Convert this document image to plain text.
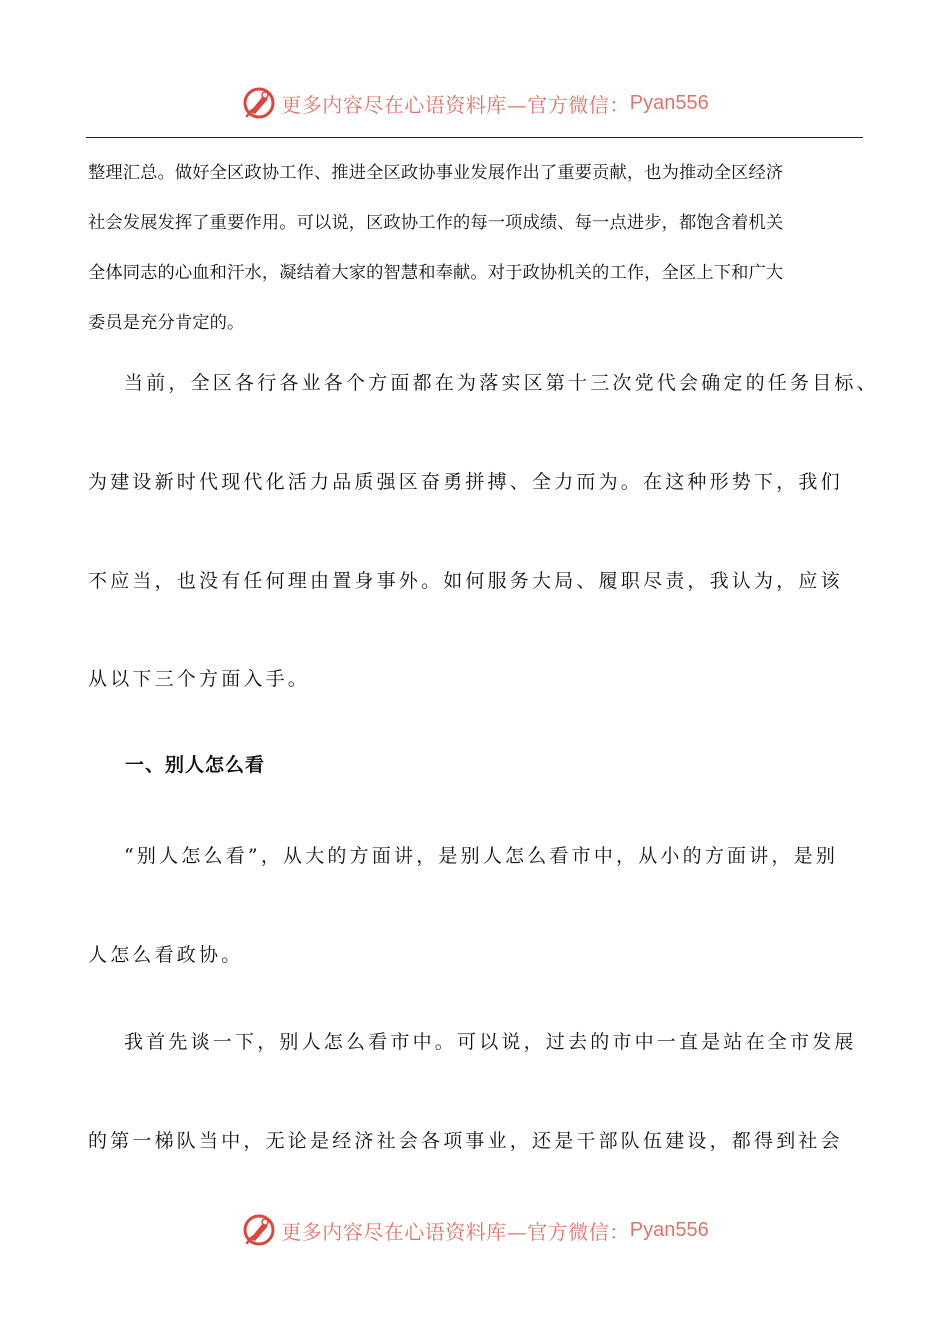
更多内容尽在心语资料库—官方微信： Pyan556
整理汇总。做好全区政协工作、推进全区政协事业发展作出了重要贡献，也为推动全区经济
社会发展发挥了重要作用。可以说，区政协工作的每一项成绩、每一点进步，都饱含着机关
全体同志的心血和汗水，凝结着大家的智慧和奉献。对于政协机关的工作，全区上下和广大
委员是充分肯定的。

当前，全区各行各业各个方面都在为落实区第十三次党代会确定的任务目标、

为建设新时代现代化活力品质强区奋勇拼搏、全力而为。在这种形势下，我们

不应当，也没有任何理由置身事外。如何服务大局、履职尽责，我认为，应该

从以下三个方面入手。

一、别人怎么看

“别人怎么看”，从大的方面讲，是别人怎么看市中，从小的方面讲，是别

人怎么看政协。

我首先谈一下，别人怎么看市中。可以说，过去的市中一直是站在全市发展

的第一梯队当中，无论是经济社会各项事业，还是干部队伍建设，都得到社会

更多内容尽在心语资料库—官方微信： Pyan556
